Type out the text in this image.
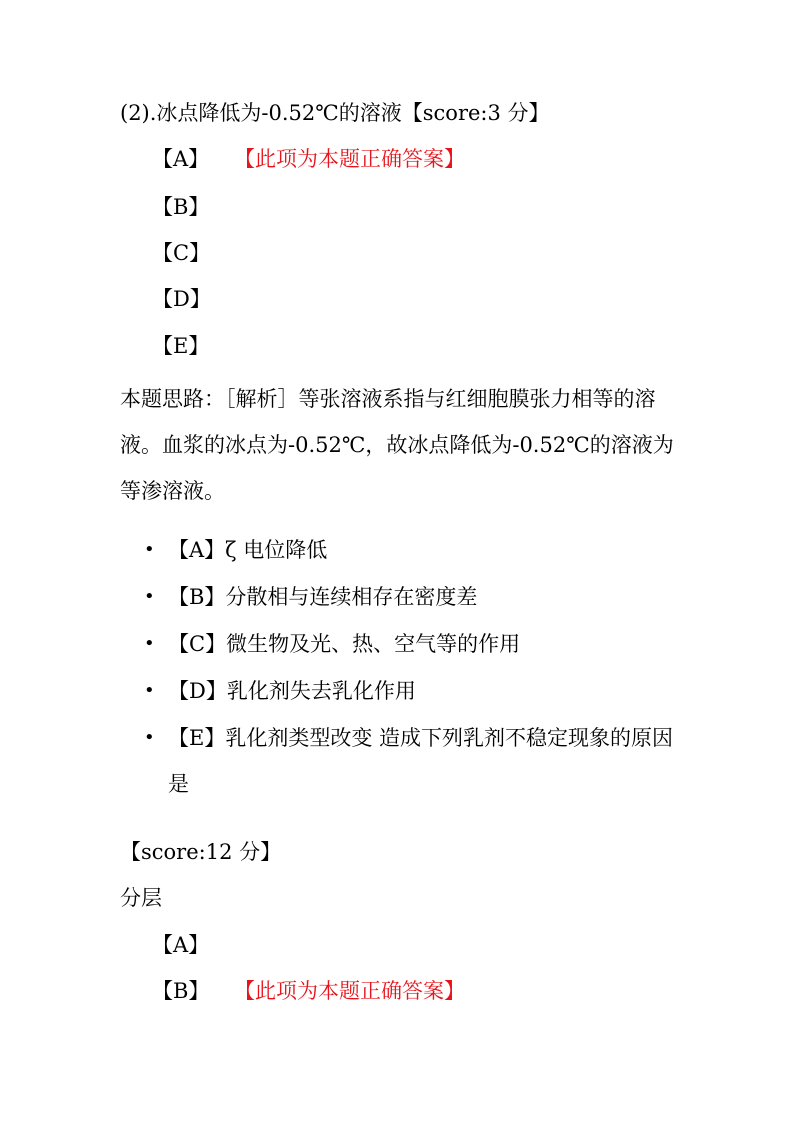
(2).冰点降低为-0.52℃的溶液【score:3 分】
【A】 【此项为本题正确答案】
【B】
【C】
【D】
【E】
本题思路：［解析］等张溶液系指与红细胞膜张力相等的溶液。血浆的冰点为-0.52℃，故冰点降低为-0.52℃的溶液为等渗溶液。
• 【A】ζ 电位降低
• 【B】分散相与连续相存在密度差
• 【C】微生物及光、热、空气等的作用
• 【D】乳化剂失去乳化作用
• 【E】乳化剂类型改变 造成下列乳剂不稳定现象的原因是
【score:12 分】
分层
【A】
【B】 【此项为本题正确答案】
